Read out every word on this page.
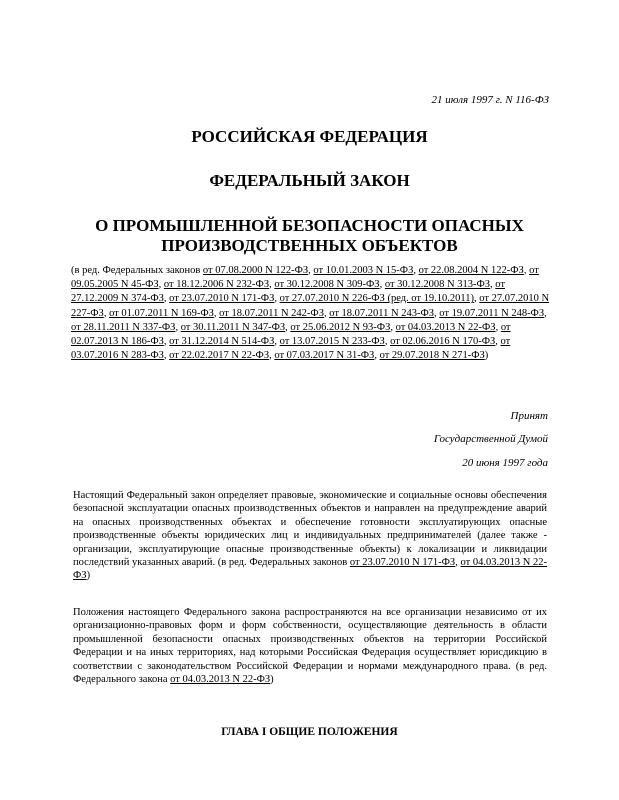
21 июля 1997 г. N 116-ФЗ
РОССИЙСКАЯ ФЕДЕРАЦИЯ
ФЕДЕРАЛЬНЫЙ ЗАКОН
О ПРОМЫШЛЕННОЙ БЕЗОПАСНОСТИ ОПАСНЫХ
ПРОИЗВОДСТВЕННЫХ ОБЪЕКТОВ

(в ред. Федеральных законов от 07.08.2000 N 122-ФЗ, от 10.01.2003 N 15-ФЗ, от 22.08.2004 N 122-ФЗ, от 09.05.2005 N 45-ФЗ, от 18.12.2006 N 232-ФЗ, от 30.12.2008 N 309-ФЗ, от 30.12.2008 N 313-ФЗ, от 27.12.2009 N 374-ФЗ, от 23.07.2010 N 171-ФЗ, от 27.07.2010 N 226-ФЗ (ред. от 19.10.2011), от 27.07.2010 N 227-ФЗ, от 01.07.2011 N 169-ФЗ, от 18.07.2011 N 242-ФЗ, от 18.07.2011 N 243-ФЗ, от 19.07.2011 N 248-ФЗ, от 28.11.2011 N 337-ФЗ, от 30.11.2011 N 347-ФЗ, от 25.06.2012 N 93-ФЗ, от 04.03.2013 N 22-ФЗ, от 02.07.2013 N 186-ФЗ, от 31.12.2014 N 514-ФЗ, от 13.07.2015 N 233-ФЗ, от 02.06.2016 N 170-ФЗ, от 03.07.2016 N 283-ФЗ, от 22.02.2017 N 22-ФЗ, от 07.03.2017 N 31-ФЗ, от 29.07.2018 N 271-ФЗ)

Принят

Государственной Думой

20 июня 1997 года

Настоящий Федеральный закон определяет правовые, экономические и социальные основы обеспечения безопасной эксплуатации опасных производственных объектов и направлен на предупреждение аварий на опасных производственных объектах и обеспечение готовности эксплуатирующих опасные производственные объекты юридических лиц и индивидуальных предпринимателей (далее также - организации, эксплуатирующие опасные производственные объекты) к локализации и ликвидации последствий указанных аварий. (в ред. Федеральных законов от 23.07.2010 N 171-ФЗ, от 04.03.2013 N 22-ФЗ)

Положения настоящего Федерального закона распространяются на все организации независимо от их организационно-правовых форм и форм собственности, осуществляющие деятельность в области промышленной безопасности опасных производственных объектов на территории Российской Федерации и на иных территориях, над которыми Российская Федерация осуществляет юрисдикцию в соответствии с законодательством Российской Федерации и нормами международного права. (в ред. Федерального закона от 04.03.2013 N 22-ФЗ)

ГЛАВА I ОБЩИЕ ПОЛОЖЕНИЯ
